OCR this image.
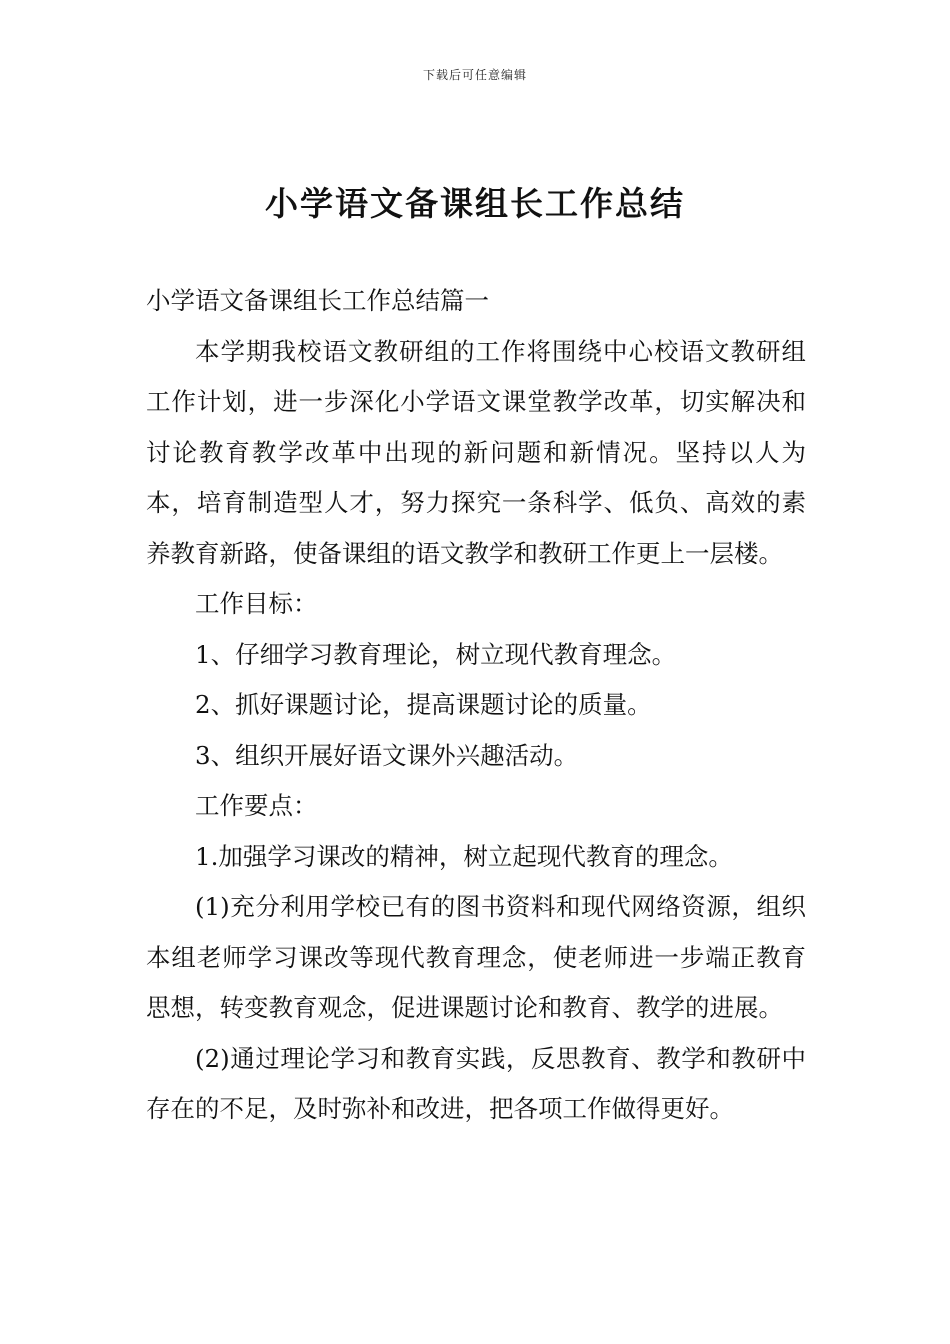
下载后可任意编辑
小学语文备课组长工作总结

小学语文备课组长工作总结篇一

本学期我校语文教研组的工作将围绕中心校语文教研组工作计划，进一步深化小学语文课堂教学改革，切实解决和讨论教育教学改革中出现的新问题和新情况。坚持以人为本，培育制造型人才，努力探究一条科学、低负、高效的素养教育新路，使备课组的语文教学和教研工作更上一层楼。

工作目标：

1、仔细学习教育理论，树立现代教育理念。

2、抓好课题讨论，提高课题讨论的质量。

3、组织开展好语文课外兴趣活动。

工作要点：

1.加强学习课改的精神，树立起现代教育的理念。

(1)充分利用学校已有的图书资料和现代网络资源，组织本组老师学习课改等现代教育理念，使老师进一步端正教育思想，转变教育观念，促进课题讨论和教育、教学的进展。

(2)通过理论学习和教育实践，反思教育、教学和教研中存在的不足，及时弥补和改进，把各项工作做得更好。
